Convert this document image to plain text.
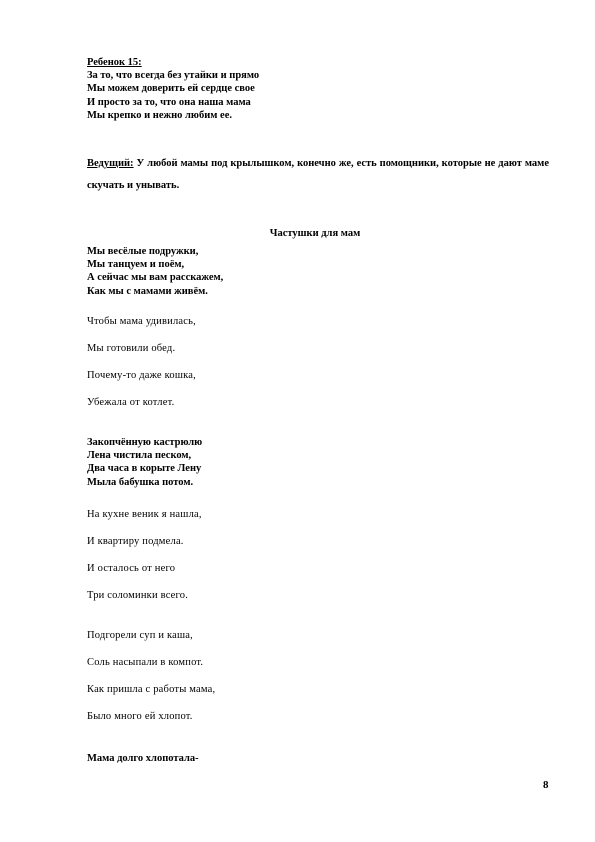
Ребенок 15:
За то, что всегда без утайки и прямо
Мы можем доверить ей сердце свое
И просто за то, что она наша мама
Мы крепко и нежно любим ее.
Ведущий: У любой мамы под крылышком, конечно же, есть помощники, которые не дают маме скучать и унывать.
Частушки для мам
Мы весёлые подружки,
Мы танцуем и поём,
А сейчас мы вам расскажем,
Как мы с мамами живём.
Чтобы мама удивилась,
Мы готовили обед.
Почему-то даже кошка,
Убежала от котлет.
Закопчённую кастрюлю
Лена чистила песком,
Два часа в корыте Лену
Мыла бабушка потом.
На кухне веник я нашла,
И квартиру подмела.
И осталось от него
Три соломинки всего.
Подгорели суп и каша,
Соль насыпали в компот.
Как пришла с работы мама,
Было много ей хлопот.
Мама долго хлопотала-
8
